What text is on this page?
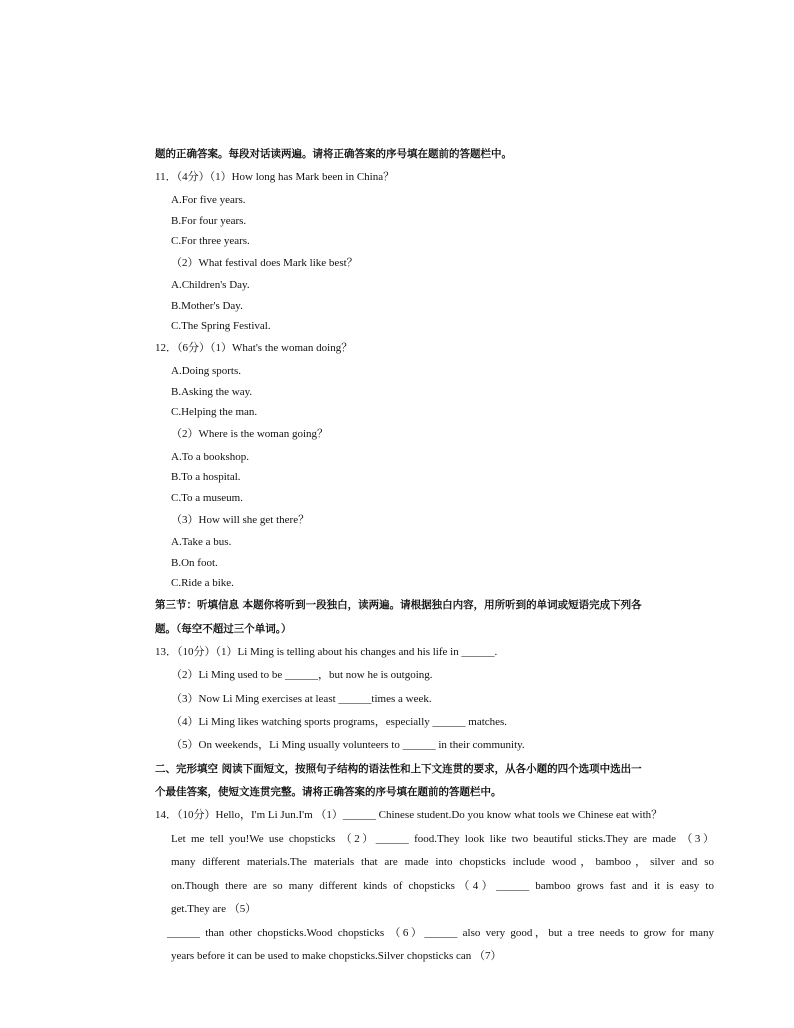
题的正确答案。每段对话读两遍。请将正确答案的序号填在题前的答题栏中。
11．（4分）（1）How long has Mark been in China？
A.For five years.
B.For four years.
C.For three years.
（2）What festival does Mark like best？
A.Children's Day.
B.Mother's Day.
C.The Spring Festival.
12．（6分）（1）What's the woman doing？
A.Doing sports.
B.Asking the way.
C.Helping the man.
（2）Where is the woman going？
A.To a bookshop.
B.To a hospital.
C.To a museum.
（3）How will she get there？
A.Take a bus.
B.On foot.
C.Ride a bike.
第三节：听填信息 本题你将听到一段独白，读两遍。请根据独白内容，用所听到的单词或短语完成下列各
题。（每空不超过三个单词。）
13．（10分）（1）Li Ming is telling about his changes and his life in ______.
（2）Li Ming used to be ______，but now he is outgoing.
（3）Now Li Ming exercises at least ______times a week.
（4）Li Ming likes watching sports programs，especially ______ matches.
（5）On weekends，Li Ming usually volunteers to ______ in their community.
二、完形填空 阅读下面短文，按照句子结构的语法性和上下文连贯的要求，从各小题的四个选项中选出一
个最佳答案，使短文连贯完整。请将正确答案的序号填在题前的答题栏中。
14．（10分）Hello，I'm Li Jun.I'm （1）______ Chinese student.Do you know what tools we Chinese eat with？
Let me tell you!We use chopsticks （2）______ food.They look like two beautiful sticks.They are made （3）
many different materials.The materials that are made into chopsticks include wood，bamboo，silver and so
on.Though there are so many different kinds of chopsticks（4）______ bamboo grows fast and it is easy to
get.They are （5）
______ than other chopsticks.Wood chopsticks （6）______ also very good，but a tree needs to grow for many
years before it can be used to make chopsticks.Silver chopsticks can （7）
